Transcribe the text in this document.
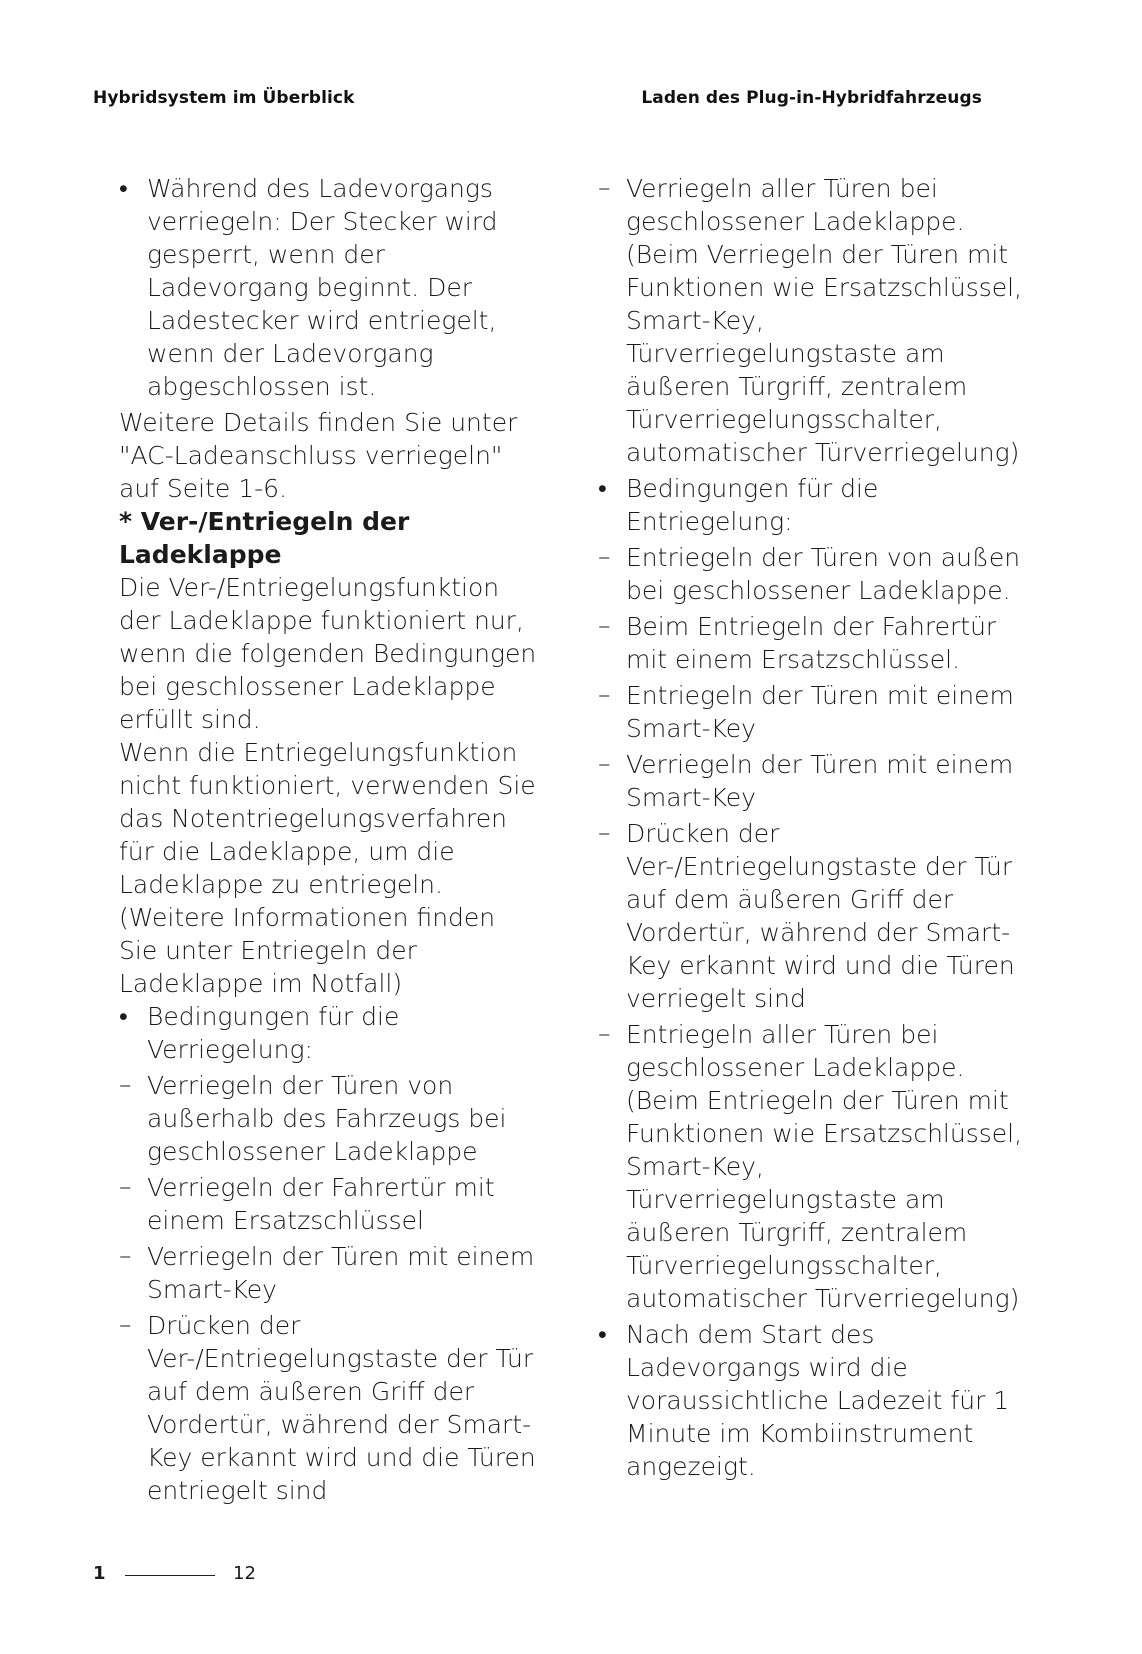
Hybridsystem im Überblick	Laden des Plug-in-Hybridfahrzeugs
• Während des Ladevorgangs verriegeln: Der Stecker wird gesperrt, wenn der Ladevorgang beginnt. Der Ladestecker wird entriegelt, wenn der Ladevorgang abgeschlossen ist.

Weitere Details finden Sie unter "AC-Ladeanschluss verriegeln" auf Seite 1-6.

* Ver-/Entriegeln der Ladeklappe

Die Ver-/Entriegelungsfunktion der Ladeklappe funktioniert nur, wenn die folgenden Bedingungen bei geschlossener Ladeklappe erfüllt sind.

Wenn die Entriegelungsfunktion nicht funktioniert, verwenden Sie das Notentriegelungsverfahren für die Ladeklappe, um die Ladeklappe zu entriegeln. (Weitere Informationen finden Sie unter Entriegeln der Ladeklappe im Notfall)

• Bedingungen für die Verriegelung:
– Verriegeln der Türen von außerhalb des Fahrzeugs bei geschlossener Ladeklappe
– Verriegeln der Fahrertür mit einem Ersatzschlüssel
– Verriegeln der Türen mit einem Smart-Key
– Drücken der Ver-/Entriegelungstaste der Tür auf dem äußeren Griff der Vordertür, während der Smart-Key erkannt wird und die Türen entriegelt sind
– Verriegeln aller Türen bei geschlossener Ladeklappe. (Beim Verriegeln der Türen mit Funktionen wie Ersatzschlüssel, Smart-Key, Türverriegelungstaste am äußeren Türgriff, zentralem Türverriegelungsschalter, automatischer Türverriegelung)
• Bedingungen für die Entriegelung:
– Entriegeln der Türen von außen bei geschlossener Ladeklappe.
– Beim Entriegeln der Fahrertür mit einem Ersatzschlüssel.
– Entriegeln der Türen mit einem Smart-Key
– Verriegeln der Türen mit einem Smart-Key
– Drücken der Ver-/Entriegelungstaste der Tür auf dem äußeren Griff der Vordertür, während der Smart-Key erkannt wird und die Türen verriegelt sind
– Entriegeln aller Türen bei geschlossener Ladeklappe. (Beim Entriegeln der Türen mit Funktionen wie Ersatzschlüssel, Smart-Key, Türverriegelungstaste am äußeren Türgriff, zentralem Türverriegelungsschalter, automatischer Türverriegelung)
• Nach dem Start des Ladevorgangs wird die voraussichtliche Ladezeit für 1 Minute im Kombiinstrument angezeigt.
1	12
